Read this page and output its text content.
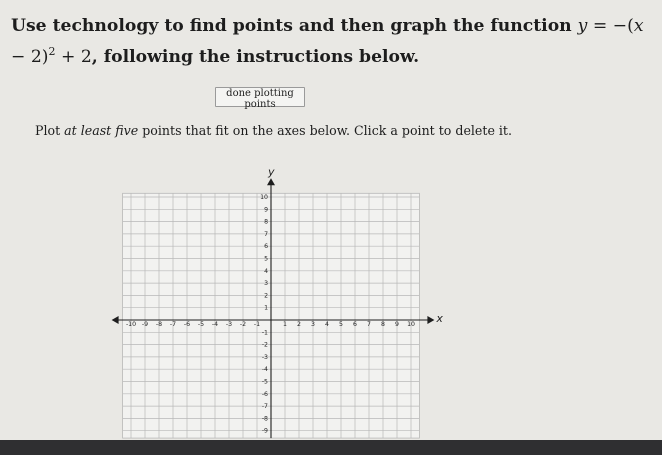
Use technology to find points and then graph the function $y = -(x - 2)^2 + 2$, following the instructions below.
done plotting points
Plot at least five points that fit on the axes below. Click a point to delete it.
-10 -9 -8 -7 -6 -5 -4 -3 -2 -1	1 2 3 4 5 6 7 8 9 10
10
9
8
7
6
5
4
3
2
1
-1
-2
-3
-4
-5
-6
-7
-8
-9
x
y
